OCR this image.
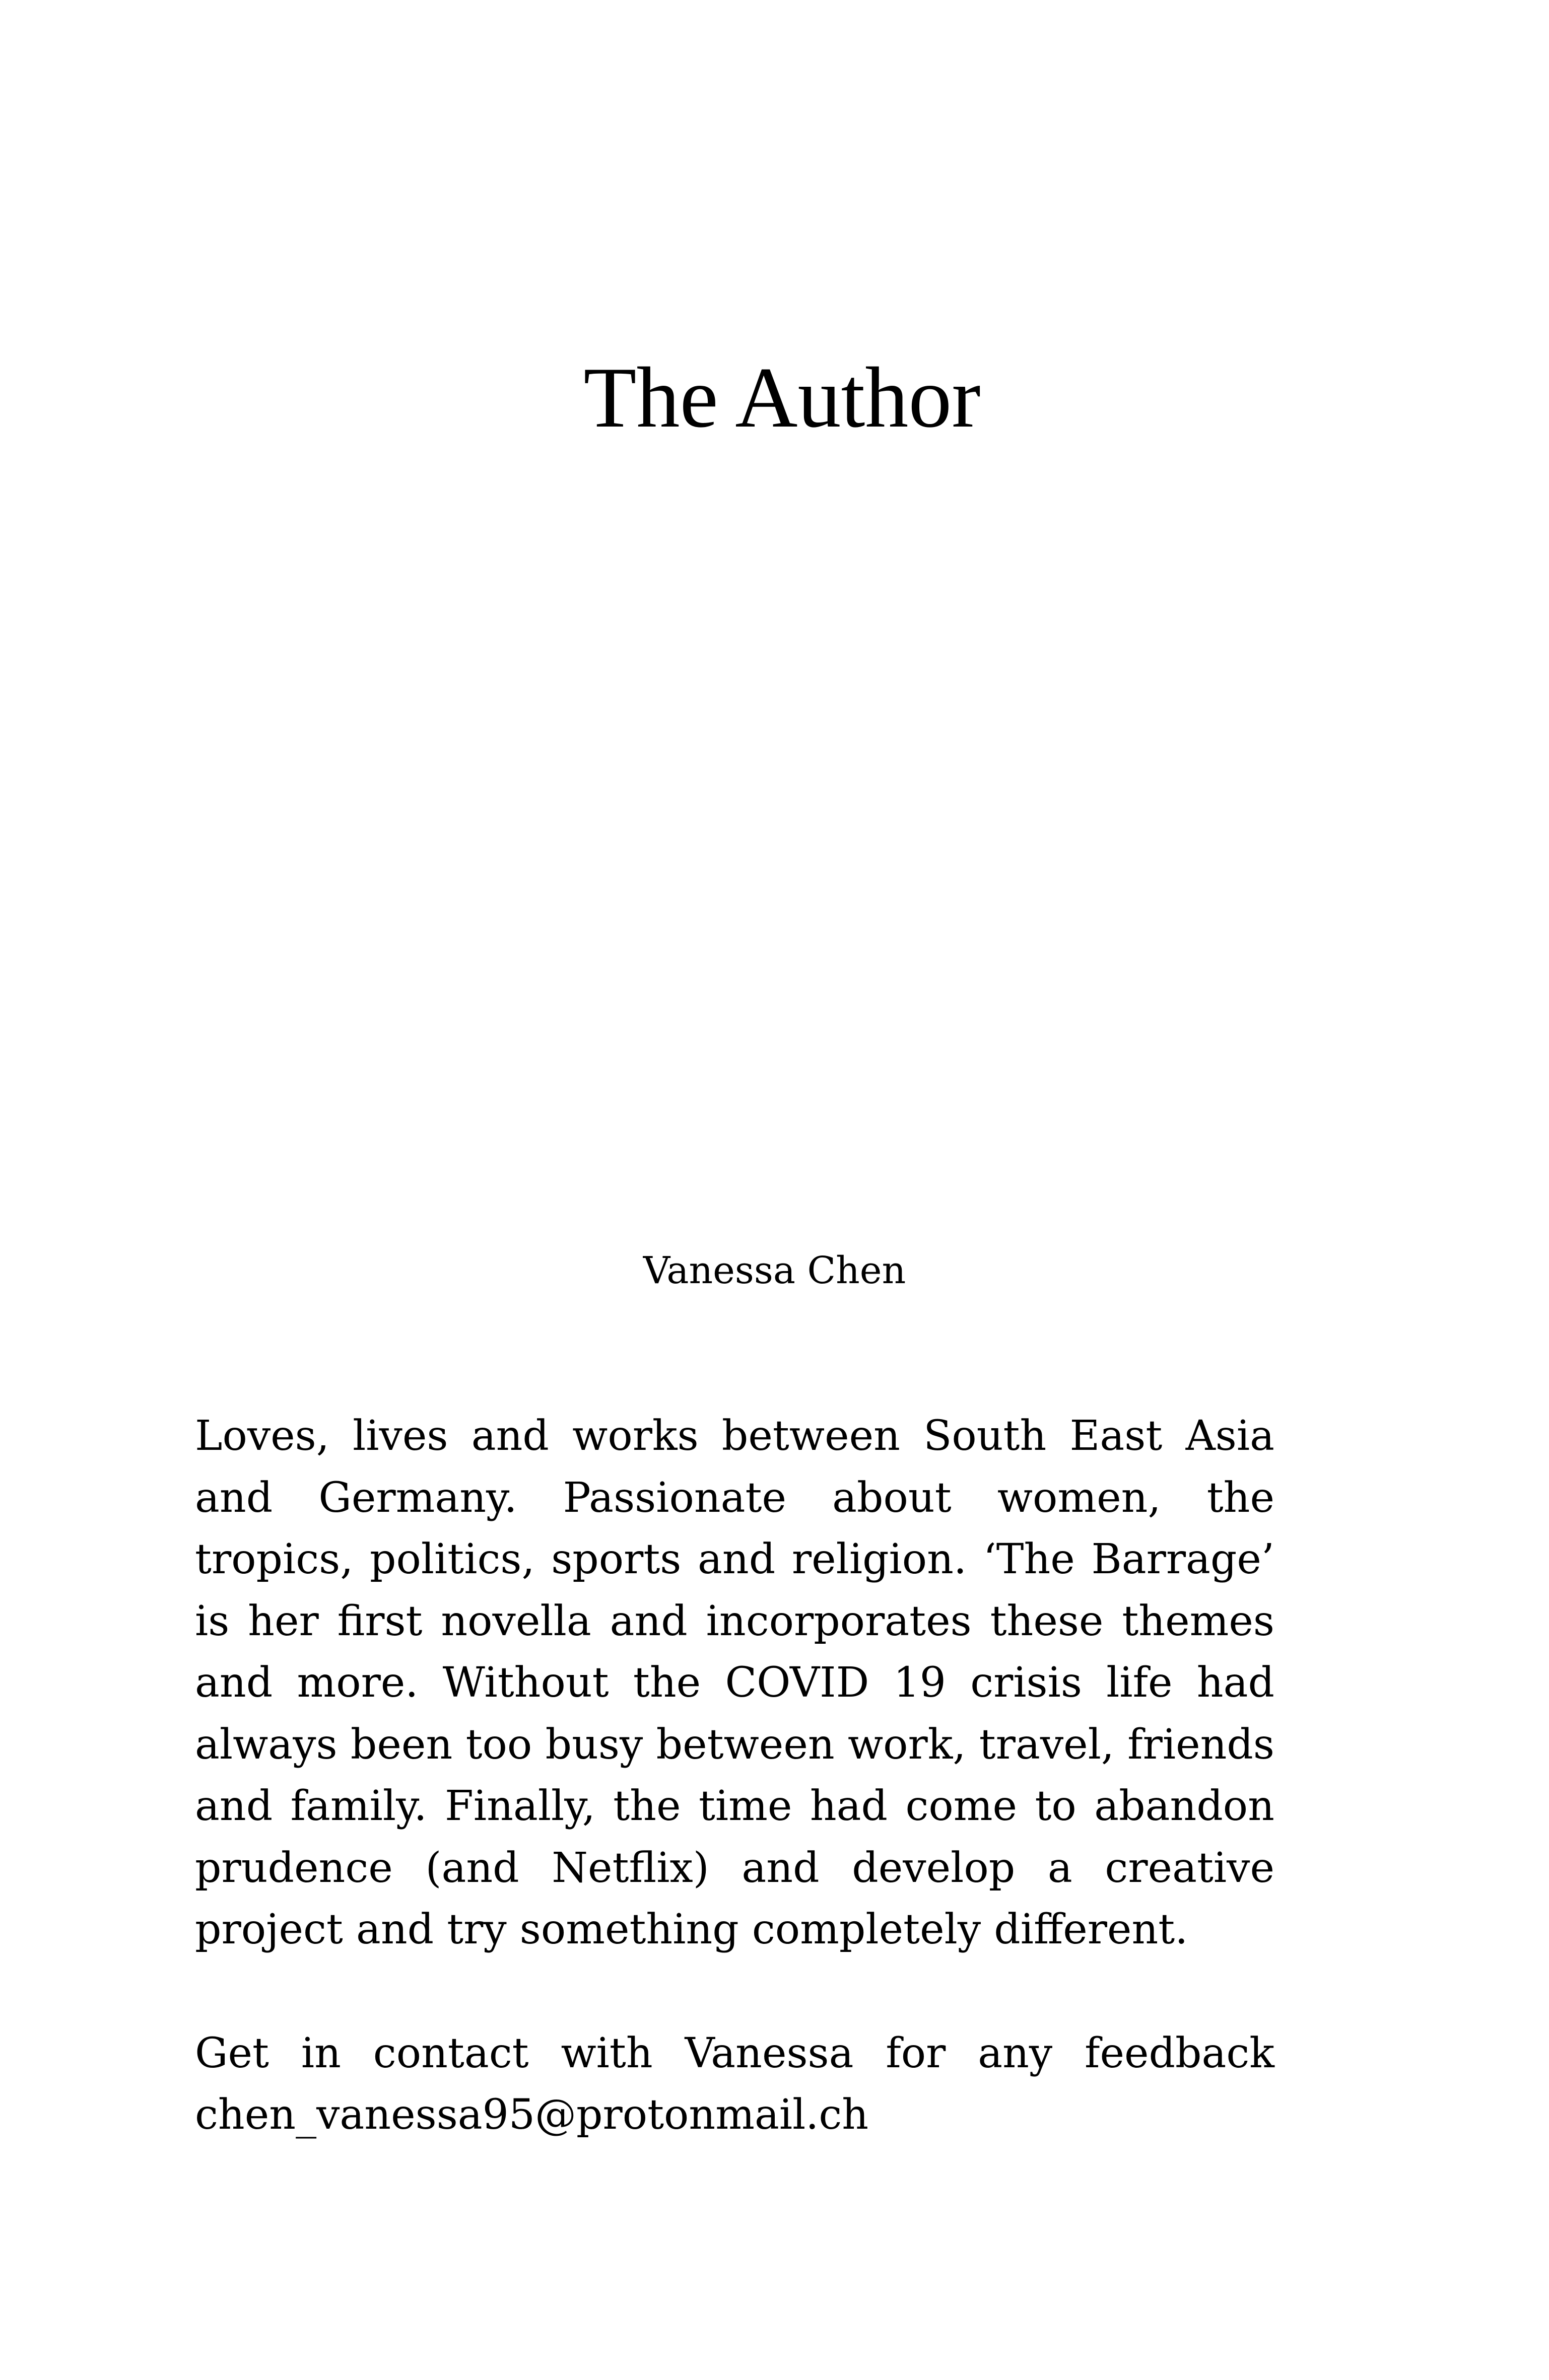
The Author

Vanessa Chen

Loves, lives and works between South East Asia and Germany. Passionate about women, the tropics, politics, sports and religion. ‘The Barrage’ is her first novella and incorporates these themes and more. Without the COVID 19 crisis life had always been too busy between work, travel, friends and family. Finally, the time had come to abandon prudence (and Netflix) and develop a creative project and try something completely different.

Get in contact with Vanessa for any feedback chen_vanessa95@protonmail.ch
